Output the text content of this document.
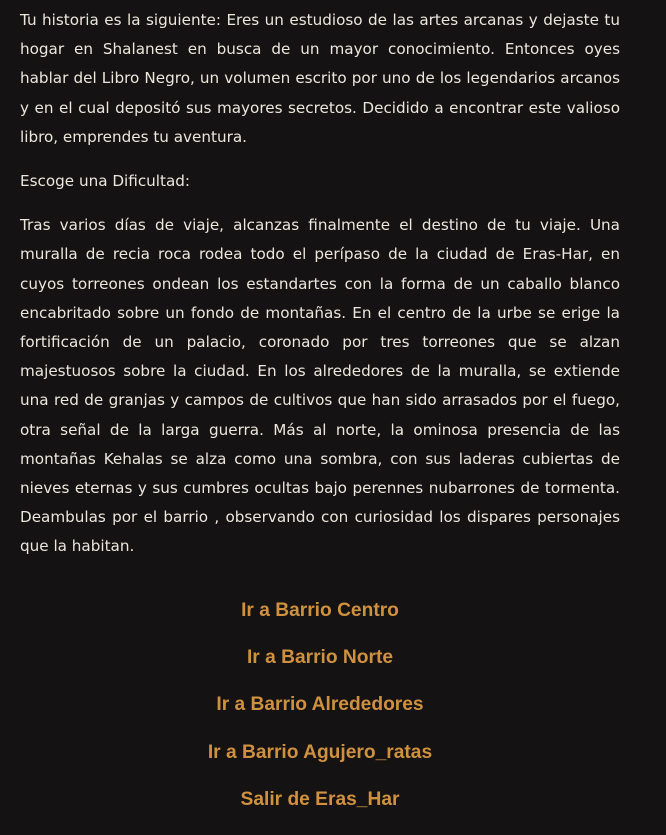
Tu historia es la siguiente: Eres un estudioso de las artes arcanas y dejaste tu hogar en Shalanest en busca de un mayor conocimiento. Entonces oyes hablar del Libro Negro, un volumen escrito por uno de los legendarios arcanos y en el cual depositó sus mayores secretos. Decidido a encontrar este valioso libro, emprendes tu aventura.

Escoge una Dificultad:

Tras varios días de viaje, alcanzas finalmente el destino de tu viaje. Una muralla de recia roca rodea todo el perípaso de la ciudad de Eras-Har, en cuyos torreones ondean los estandartes con la forma de un caballo blanco encabritado sobre un fondo de montañas. En el centro de la urbe se erige la fortificación de un palacio, coronado por tres torreones que se alzan majestuosos sobre la ciudad. En los alrededores de la muralla, se extiende una red de granjas y campos de cultivos que han sido arrasados por el fuego, otra señal de la larga guerra. Más al norte, la ominosa presencia de las montañas Kehalas se alza como una sombra, con sus laderas cubiertas de nieves eternas y sus cumbres ocultas bajo perennes nubarrones de tormenta. Deambulas por el barrio , observando con curiosidad los dispares personajes que la habitan.

Ir a Barrio Centro
Ir a Barrio Norte
Ir a Barrio Alrededores
Ir a Barrio Agujero_ratas
Salir de Eras_Har
